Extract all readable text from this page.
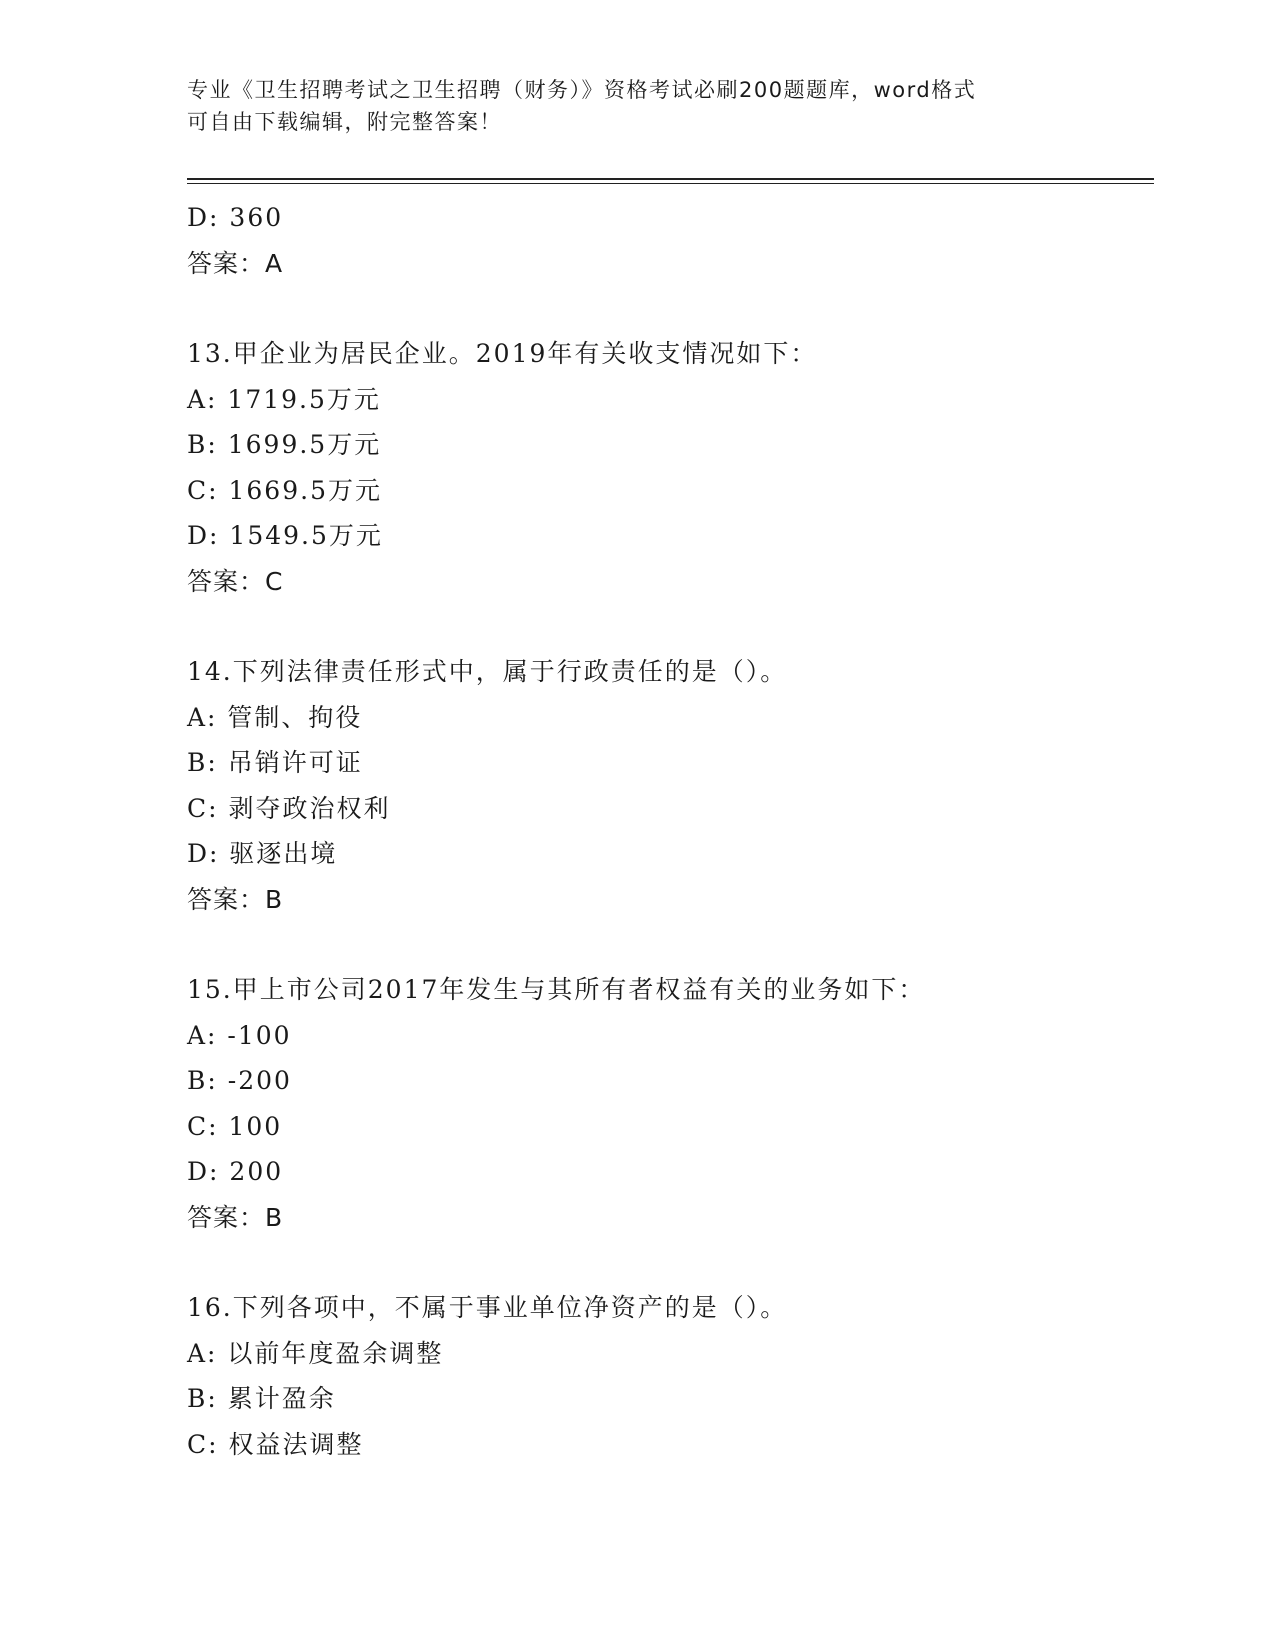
专业《卫生招聘考试之卫生招聘（财务）》资格考试必刷200题题库，word格式
可自由下载编辑，附完整答案！
D: 360
答案：A
13.甲企业为居民企业。2019年有关收支情况如下：
A: 1719.5万元
B: 1699.5万元
C: 1669.5万元
D: 1549.5万元
答案：C
14.下列法律责任形式中，属于行政责任的是（）。
A: 管制、拘役
B: 吊销许可证
C: 剥夺政治权利
D: 驱逐出境
答案：B
15.甲上市公司2017年发生与其所有者权益有关的业务如下：
A: -100
B: -200
C: 100
D: 200
答案：B
16.下列各项中，不属于事业单位净资产的是（）。
A: 以前年度盈余调整
B: 累计盈余
C: 权益法调整
